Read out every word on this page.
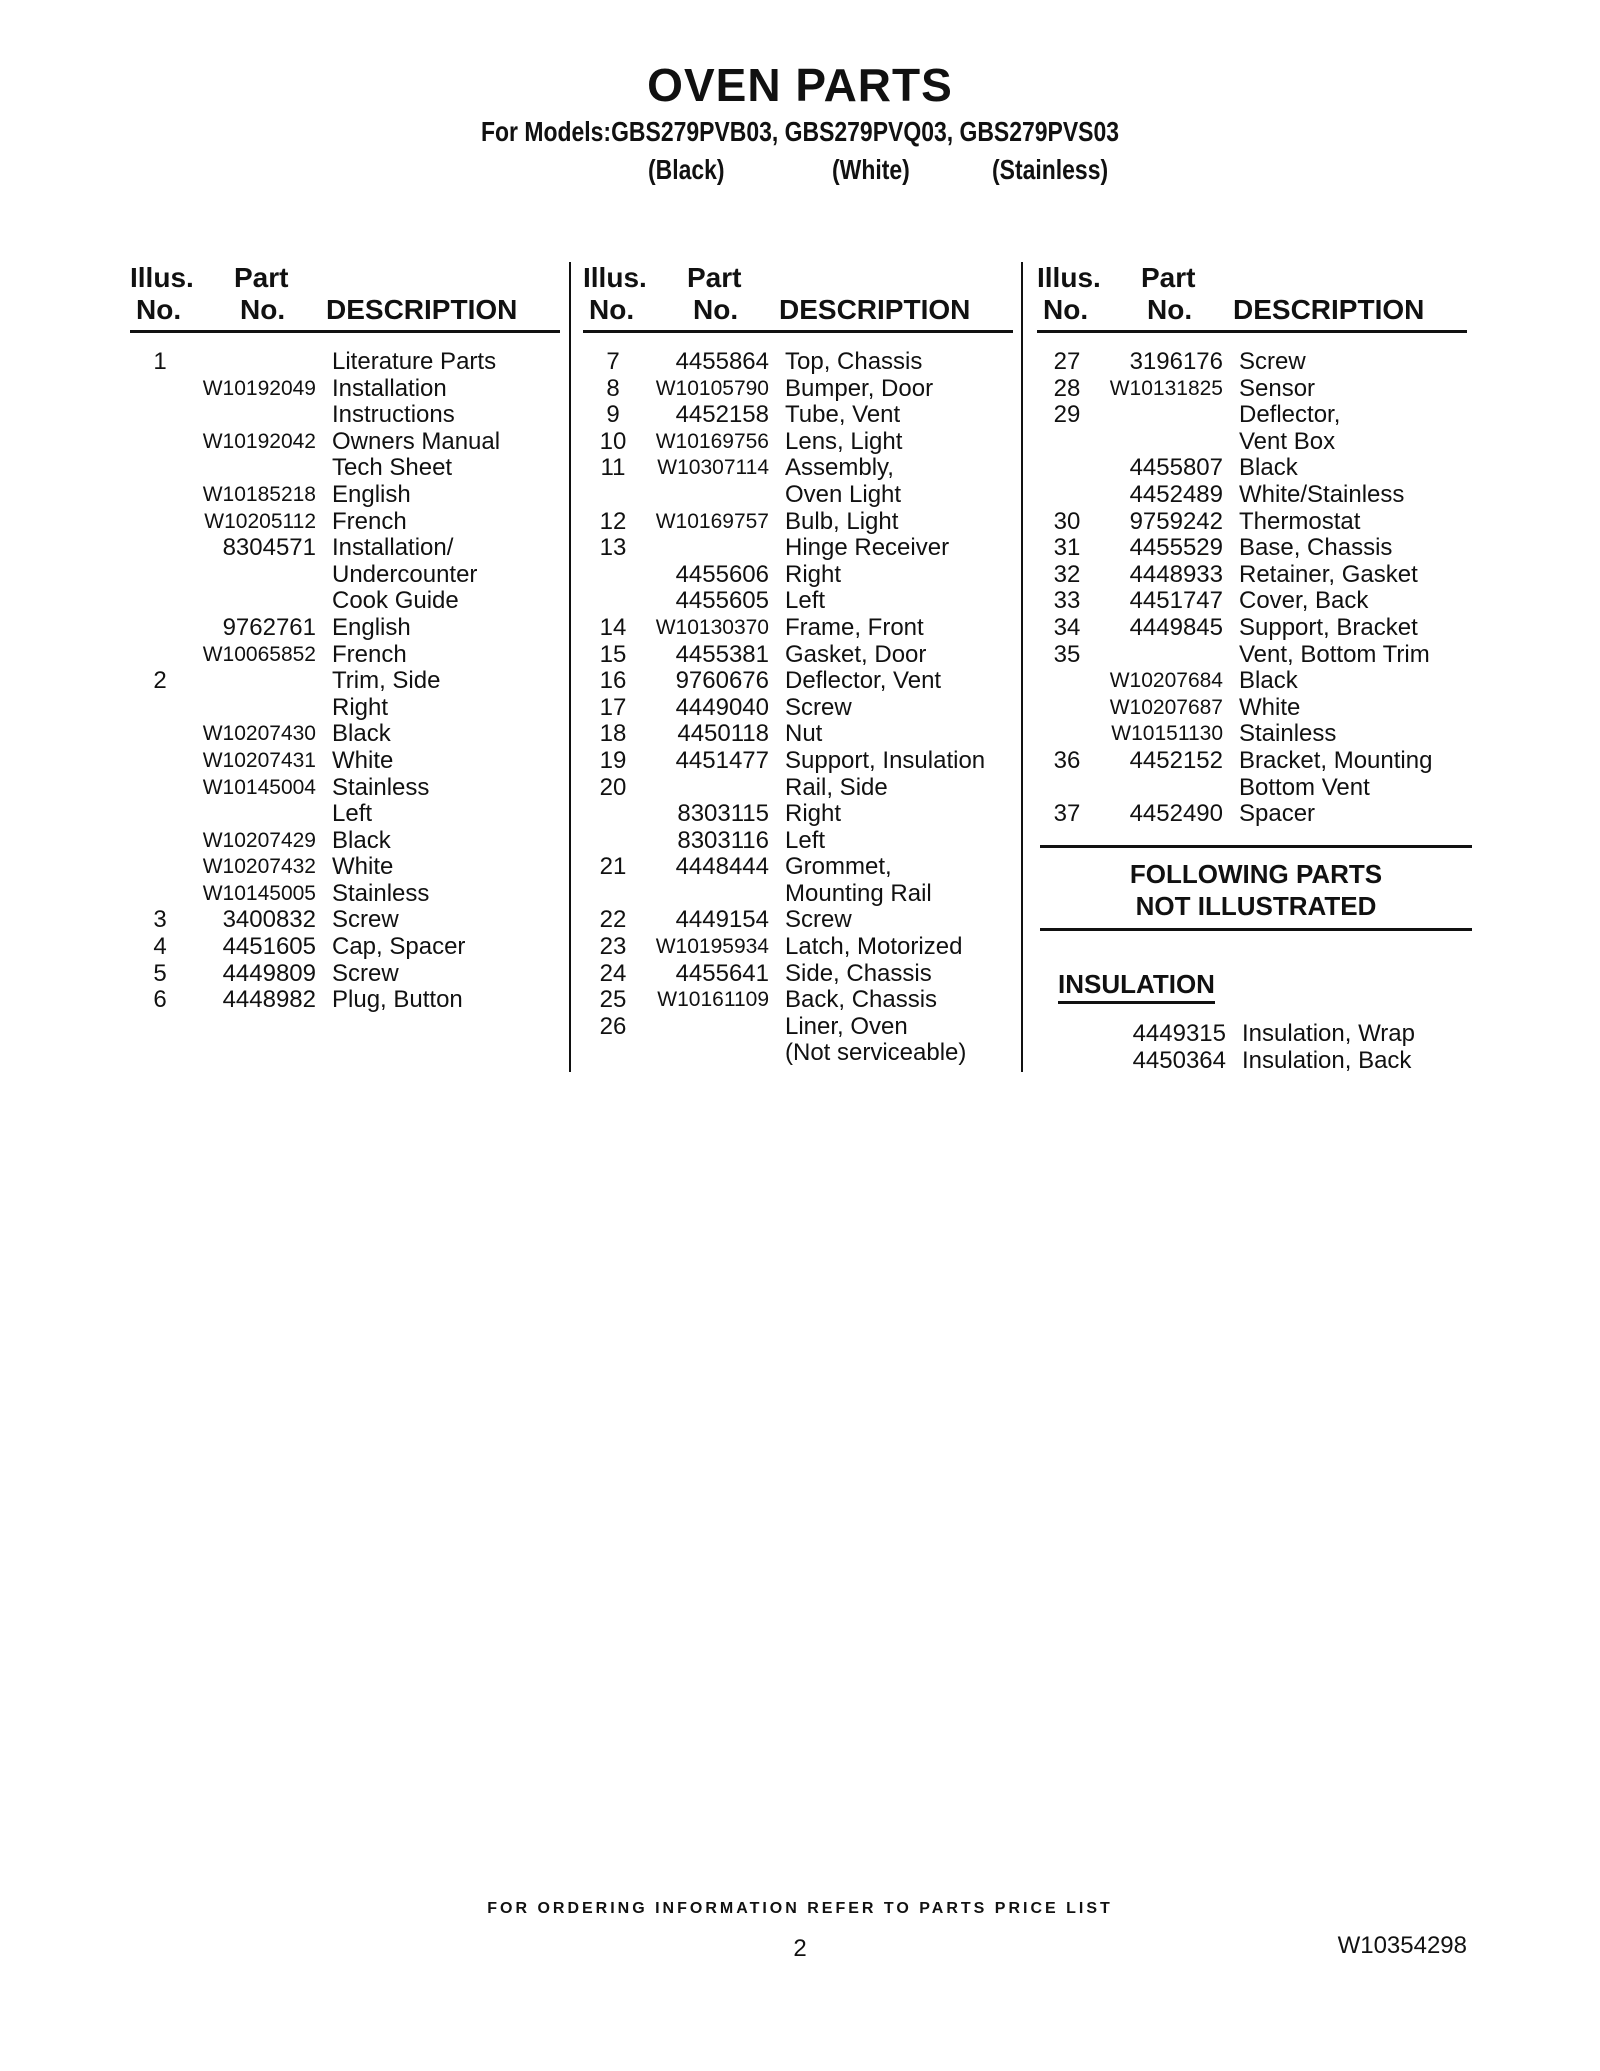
OVEN PARTS
For Models:GBS279PVB03, GBS279PVQ03, GBS279PVS03
(Black)	(White)	(Stainless)
Illus. Part
No. No. DESCRIPTION
1	Literature Parts
W10192049 Installation
Instructions
W10192042 Owners Manual
Tech Sheet
W10185218 English
W10205112 French
8304571 Installation/
Undercounter
Cook Guide
9762761 English
W10065852 French
2	Trim, Side
Right
W10207430 Black
W10207431 White
W10145004 Stainless
Left
W10207429 Black
W10207432 White
W10145005 Stainless
3	3400832 Screw
4	4451605 Cap, Spacer
5	4449809 Screw
6	4448982 Plug, Button
Illus. Part
No. No. DESCRIPTION
7	4455864 Top, Chassis
8	W10105790 Bumper, Door
9	4452158 Tube, Vent
10	W10169756 Lens, Light
11	W10307114 Assembly,
Oven Light
12	W10169757 Bulb, Light
13	Hinge Receiver
4455606 Right
4455605 Left
14	W10130370 Frame, Front
15	4455381 Gasket, Door
16	9760676 Deflector, Vent
17	4449040 Screw
18	4450118 Nut
19	4451477 Support, Insulation
20	Rail, Side
8303115 Right
8303116 Left
21	4448444 Grommet,
Mounting Rail
22	4449154 Screw
23	W10195934 Latch, Motorized
24	4455641 Side, Chassis
25	W10161109 Back, Chassis
26	Liner, Oven
(Not serviceable)
Illus. Part
No. No. DESCRIPTION
27	3196176 Screw
28	W10131825 Sensor
29	Deflector,
Vent Box
4455807 Black
4452489 White/Stainless
30	9759242 Thermostat
31	4455529 Base, Chassis
32	4448933 Retainer, Gasket
33	4451747 Cover, Back
34	4449845 Support, Bracket
35	Vent, Bottom Trim
W10207684 Black
W10207687 White
W10151130 Stainless
36	4452152 Bracket, Mounting
Bottom Vent
37	4452490 Spacer
FOLLOWING PARTS
NOT ILLUSTRATED
INSULATION
4449315 Insulation, Wrap
4450364 Insulation, Back
FOR ORDERING INFORMATION REFER TO PARTS PRICE LIST
2	W10354298
